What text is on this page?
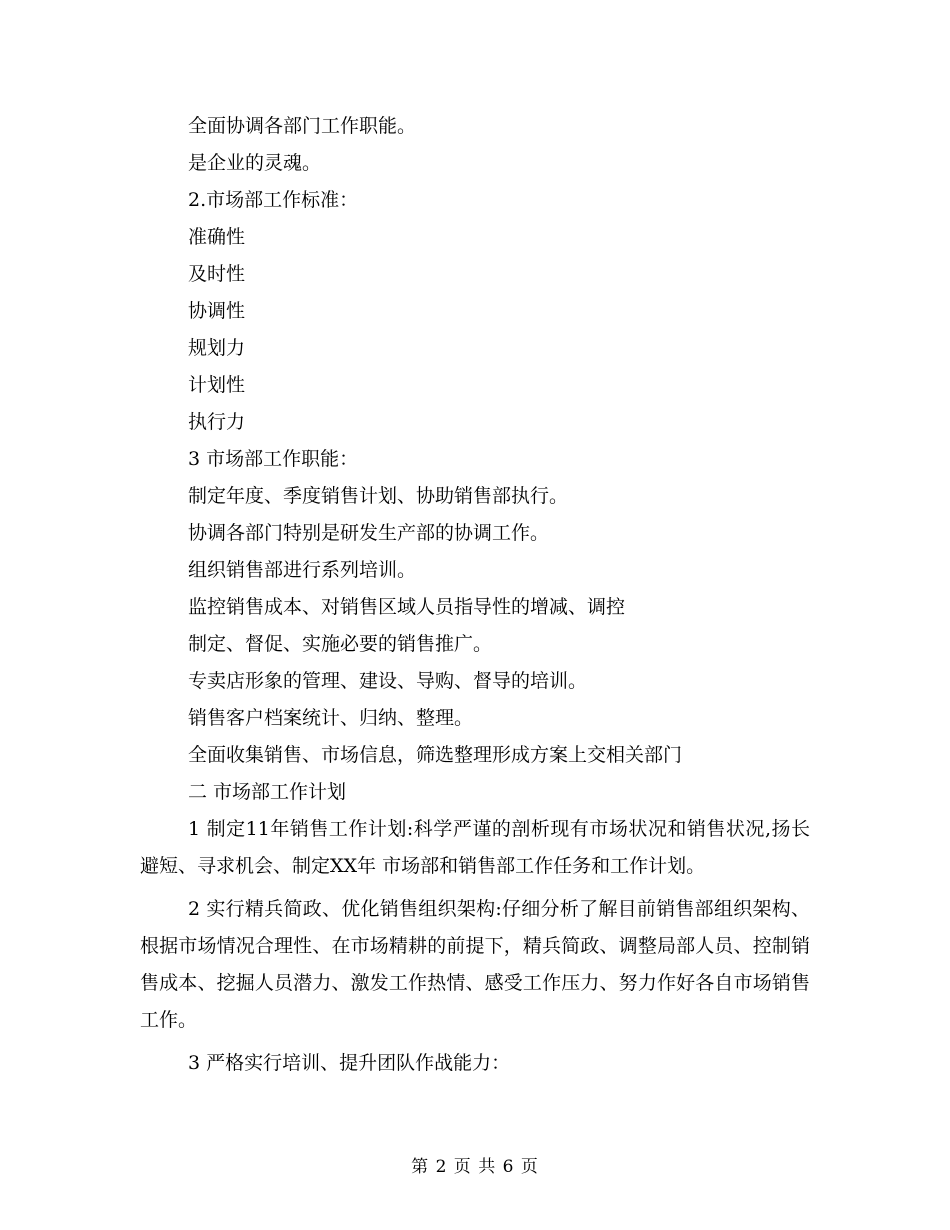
全面协调各部门工作职能。
是企业的灵魂。
2.市场部工作标准：
准确性
及时性
协调性
规划力
计划性
执行力
3 市场部工作职能：
制定年度、季度销售计划、协助销售部执行。
协调各部门特别是研发生产部的协调工作。
组织销售部进行系列培训。
监控销售成本、对销售区域人员指导性的增减、调控
制定、督促、实施必要的销售推广。
专卖店形象的管理、建设、导购、督导的培训。
销售客户档案统计、归纳、整理。
全面收集销售、市场信息，筛选整理形成方案上交相关部门
二 市场部工作计划

1 制定11年销售工作计划:科学严谨的剖析现有市场状况和销售状况,扬长避短、寻求机会、制定XX年 市场部和销售部工作任务和工作计划。

2 实行精兵简政、优化销售组织架构:仔细分析了解目前销售部组织架构、根据市场情况合理性、在市场精耕的前提下，精兵简政、调整局部人员、控制销售成本、挖掘人员潜力、激发工作热情、感受工作压力、努力作好各自市场销售工作。

3 严格实行培训、提升团队作战能力：

第 2 页 共 6 页
